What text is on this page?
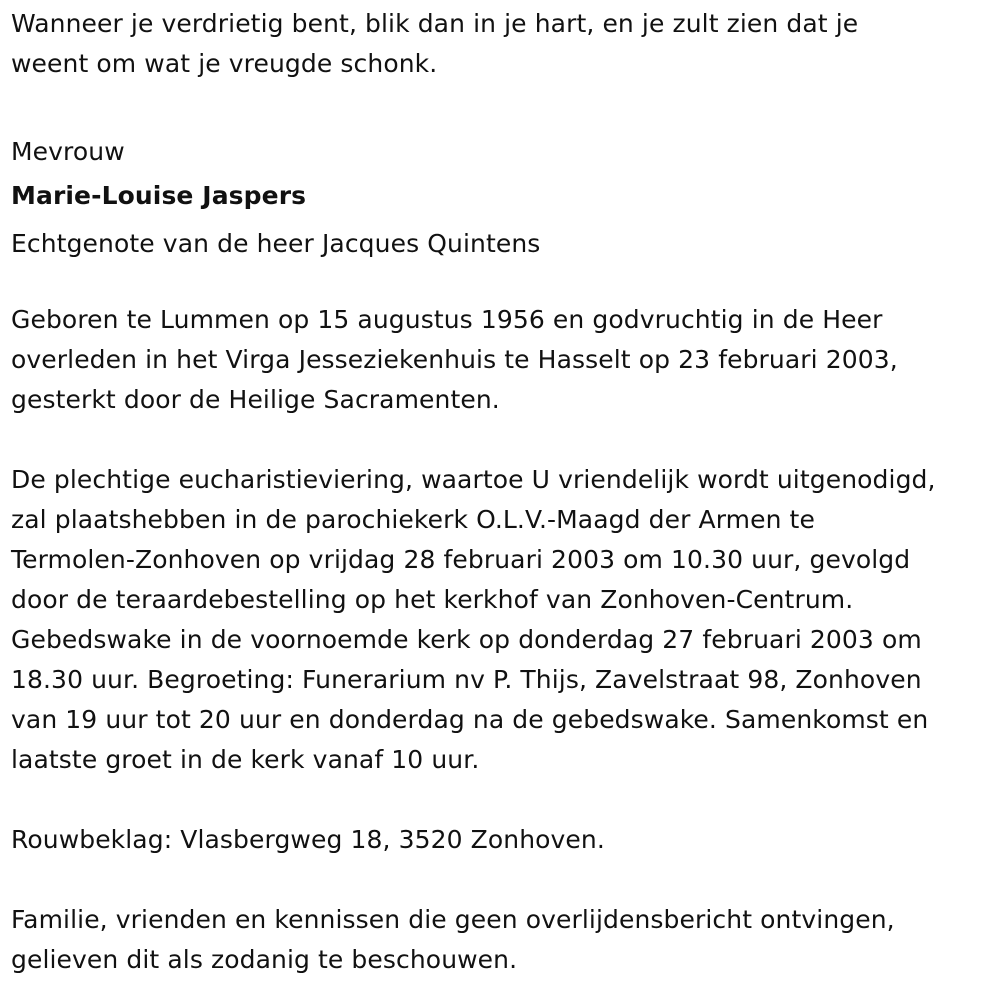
Wanneer je verdrietig bent, blik dan in je hart, en je zult zien dat je
weent om wat je vreugde schonk.
Mevrouw
Marie-Louise Jaspers
Echtgenote van de heer Jacques Quintens
Geboren te Lummen op 15 augustus 1956 en godvruchtig in de Heer
overleden in het Virga Jesseziekenhuis te Hasselt op 23 februari 2003,
gesterkt door de Heilige Sacramenten.
De plechtige eucharistieviering, waartoe U vriendelijk wordt uitgenodigd,
zal plaatshebben in de parochiekerk O.L.V.-Maagd der Armen te
Termolen-Zonhoven op vrijdag 28 februari 2003 om 10.30 uur, gevolgd
door de teraardebestelling op het kerkhof van Zonhoven-Centrum.
Gebedswake in de voornoemde kerk op donderdag 27 februari 2003 om
18.30 uur. Begroeting: Funerarium nv P. Thijs, Zavelstraat 98, Zonhoven
van 19 uur tot 20 uur en donderdag na de gebedswake. Samenkomst en
laatste groet in de kerk vanaf 10 uur.
Rouwbeklag: Vlasbergweg 18, 3520 Zonhoven.
Familie, vrienden en kennissen die geen overlijdensbericht ontvingen,
gelieven dit als zodanig te beschouwen.
